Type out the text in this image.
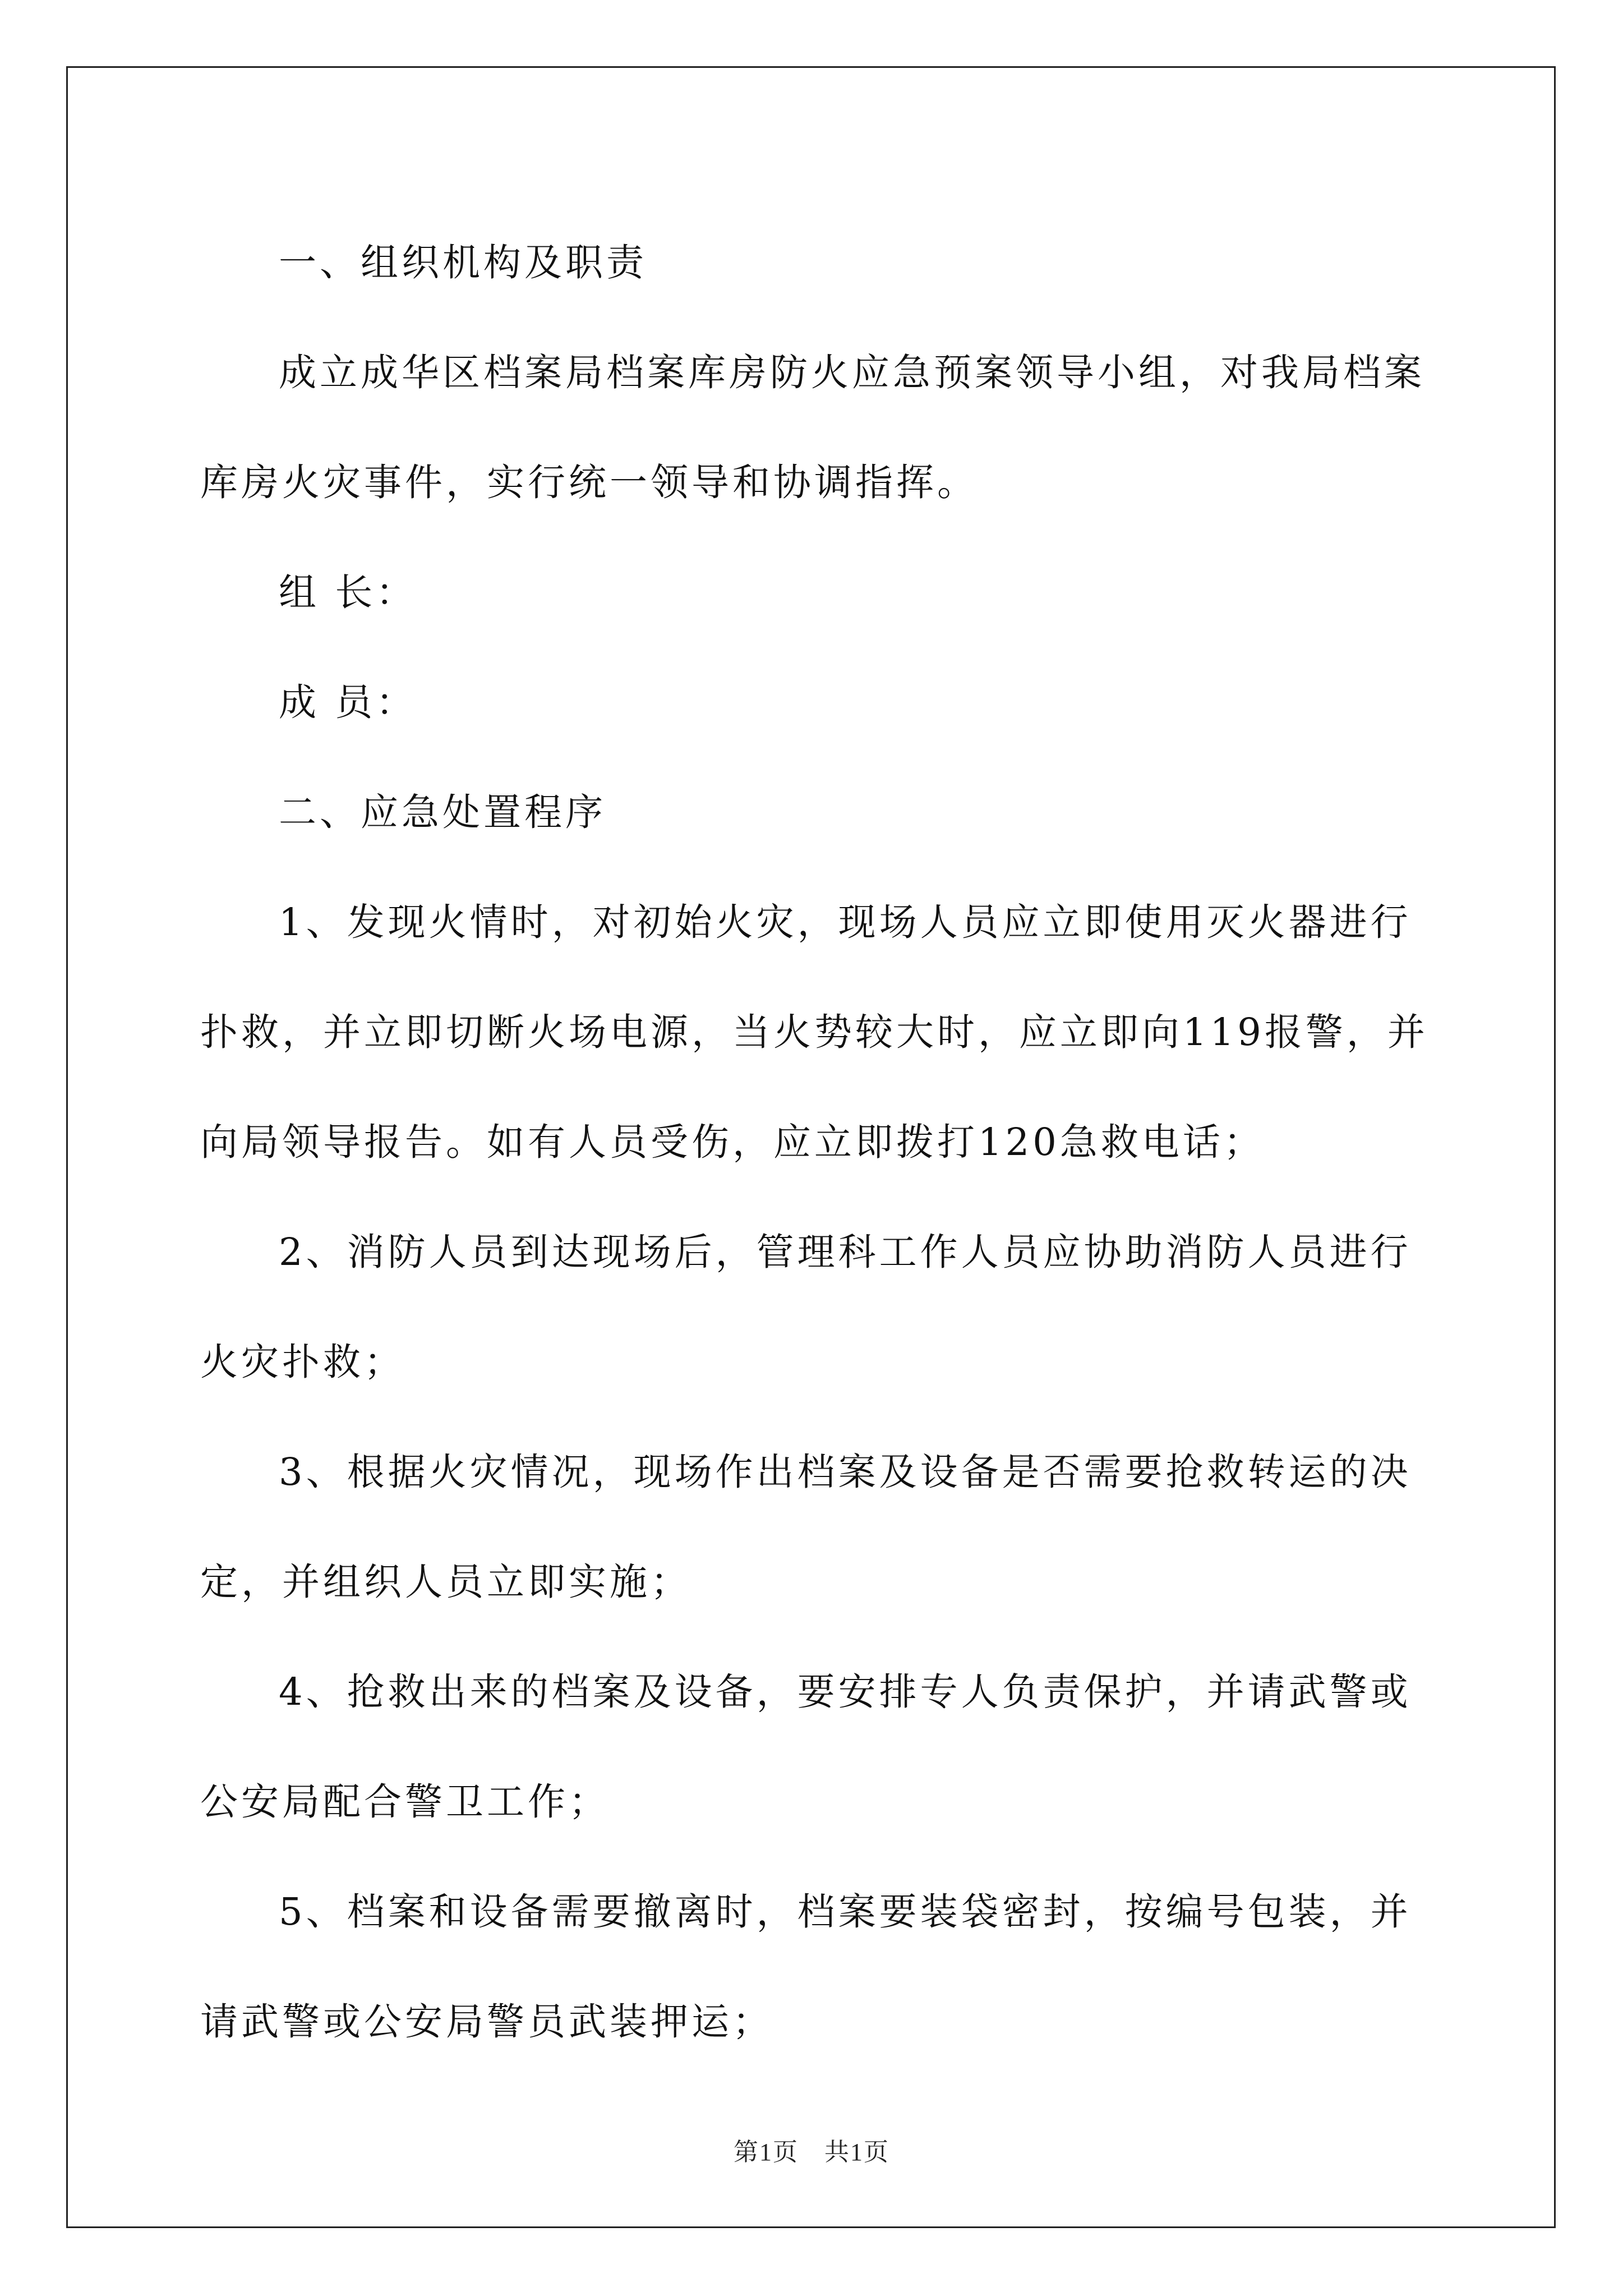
一、组织机构及职责

成立成华区档案局档案库房防火应急预案领导小组，对我局档案库房火灾事件，实行统一领导和协调指挥。

组 长：

成 员：

二、应急处置程序

1、发现火情时，对初始火灾，现场人员应立即使用灭火器进行扑救，并立即切断火场电源，当火势较大时，应立即向119报警，并向局领导报告。如有人员受伤，应立即拨打120急救电话；

2、消防人员到达现场后，管理科工作人员应协助消防人员进行火灾扑救；

3、根据火灾情况，现场作出档案及设备是否需要抢救转运的决定，并组织人员立即实施；

4、抢救出来的档案及设备，要安排专人负责保护，并请武警或公安局配合警卫工作；

5、档案和设备需要撤离时，档案要装袋密封，按编号包装，并请武警或公安局警员武装押运；

第1页　共1页
